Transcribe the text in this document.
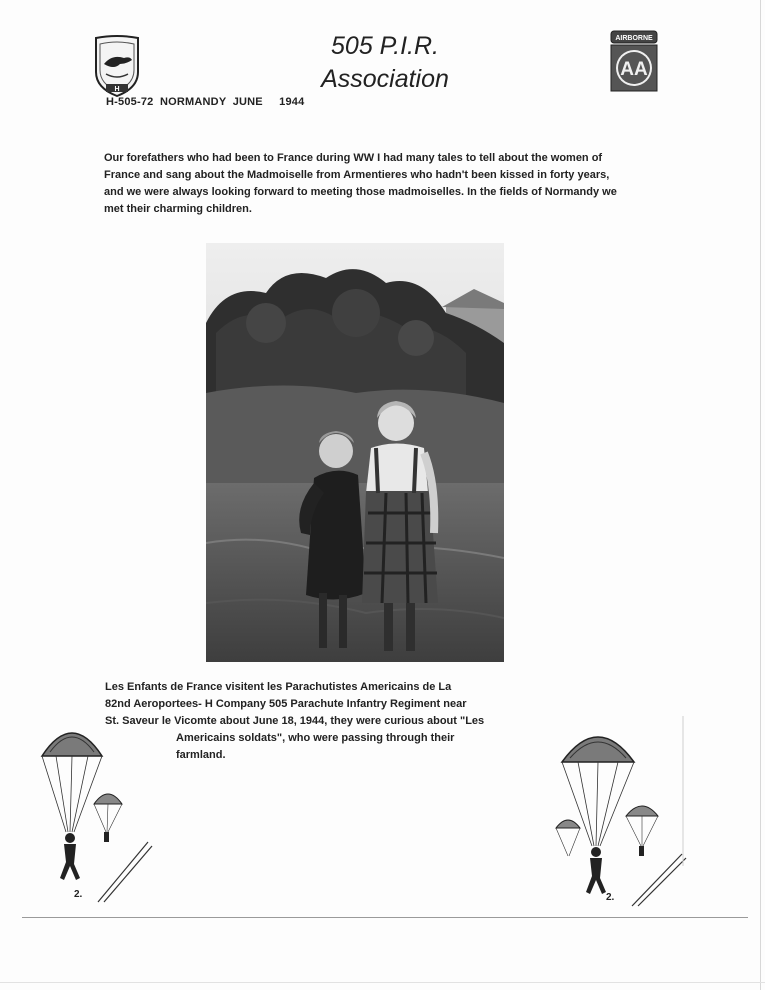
H
505 P.I.R.
Association
AIRBORNE
AA
H-505-72 NORMANDY JUNE 1944
Our forefathers who had been to France during WW I had many tales to tell about the women of France and sang about the Madmoiselle from Armentieres who hadn't been kissed in forty years, and we were always looking forward to meeting those madmoiselles. In the fields of Normandy we met their charming children.
Les Enfants de France visitent les Parachutistes Americains de La
82nd Aeroportees- H Company 505 Parachute Infantry Regiment near
St. Saveur le Vicomte about June 18, 1944, they were curious about "Les
Americains soldats", who were passing through their
farmland.
2.	2.
